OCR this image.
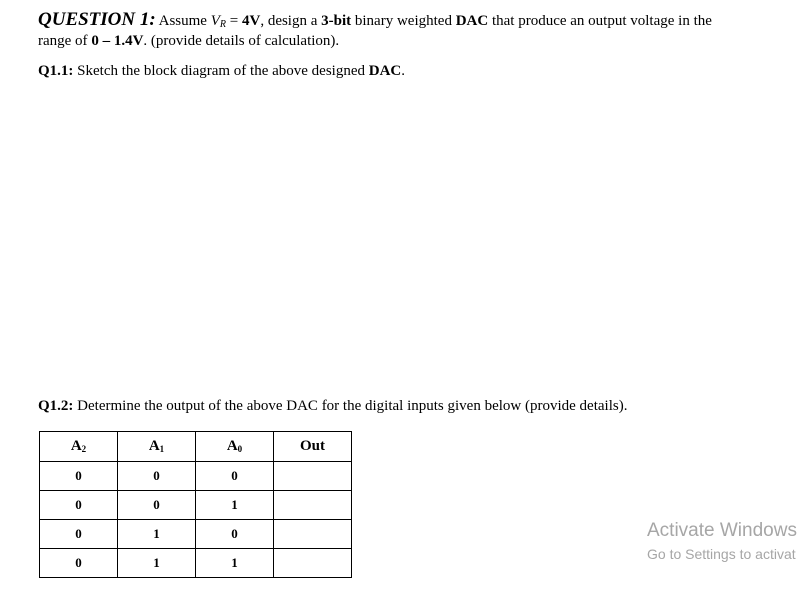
QUESTION 1: Assume $V_R = 4V$, design a 3-bit binary weighted DAC that produce an output voltage in the
range of 0 – 1.4V. (provide details of calculation).
Q1.1: Sketch the block diagram of the above designed DAC.
Q1.2: Determine the output of the above DAC for the digital inputs given below (provide details).
A2	A1	A0	Out
0	0	0	
0	0	1	
0	1	0	
0	1	1	
Activate Windows
Go to Settings to activat
